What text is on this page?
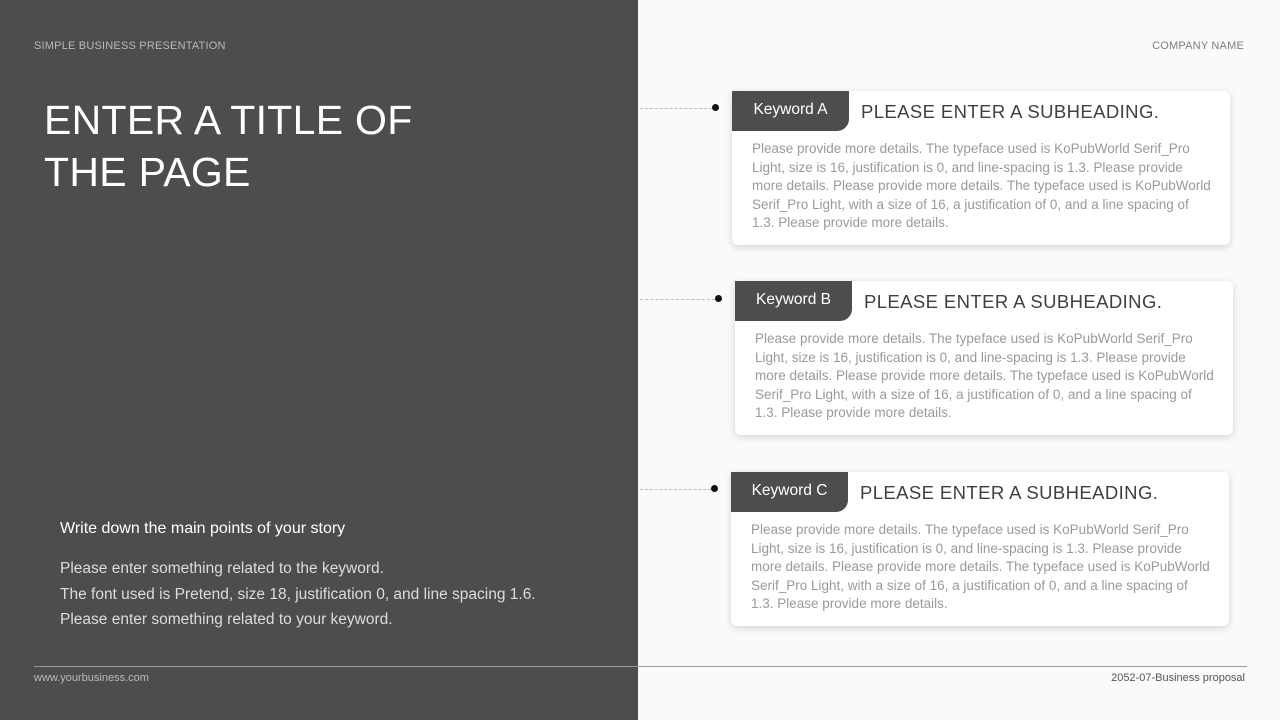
SIMPLE BUSINESS PRESENTATION	COMPANY NAME
ENTER A TITLE OF
THE PAGE
Write down the main points of your story
Please enter something related to the keyword.
The font used is Pretend, size 18, justification 0, and line spacing 1.6.
Please enter something related to your keyword.
Keyword A	PLEASE ENTER A SUBHEADING.
Please provide more details. The typeface used is KoPubWorld Serif_Pro Light, size is 16, justification is 0, and line-spacing is 1.3. Please provide more details. Please provide more details. The typeface used is KoPubWorld Serif_Pro Light, with a size of 16, a justification of 0, and a line spacing of 1.3. Please provide more details.
Keyword B	PLEASE ENTER A SUBHEADING.
Please provide more details. The typeface used is KoPubWorld Serif_Pro Light, size is 16, justification is 0, and line-spacing is 1.3. Please provide more details. Please provide more details. The typeface used is KoPubWorld Serif_Pro Light, with a size of 16, a justification of 0, and a line spacing of 1.3. Please provide more details.
Keyword C	PLEASE ENTER A SUBHEADING.
Please provide more details. The typeface used is KoPubWorld Serif_Pro Light, size is 16, justification is 0, and line-spacing is 1.3. Please provide more details. Please provide more details. The typeface used is KoPubWorld Serif_Pro Light, with a size of 16, a justification of 0, and a line spacing of 1.3. Please provide more details.
www.yourbusiness.com	2052-07-Business proposal
